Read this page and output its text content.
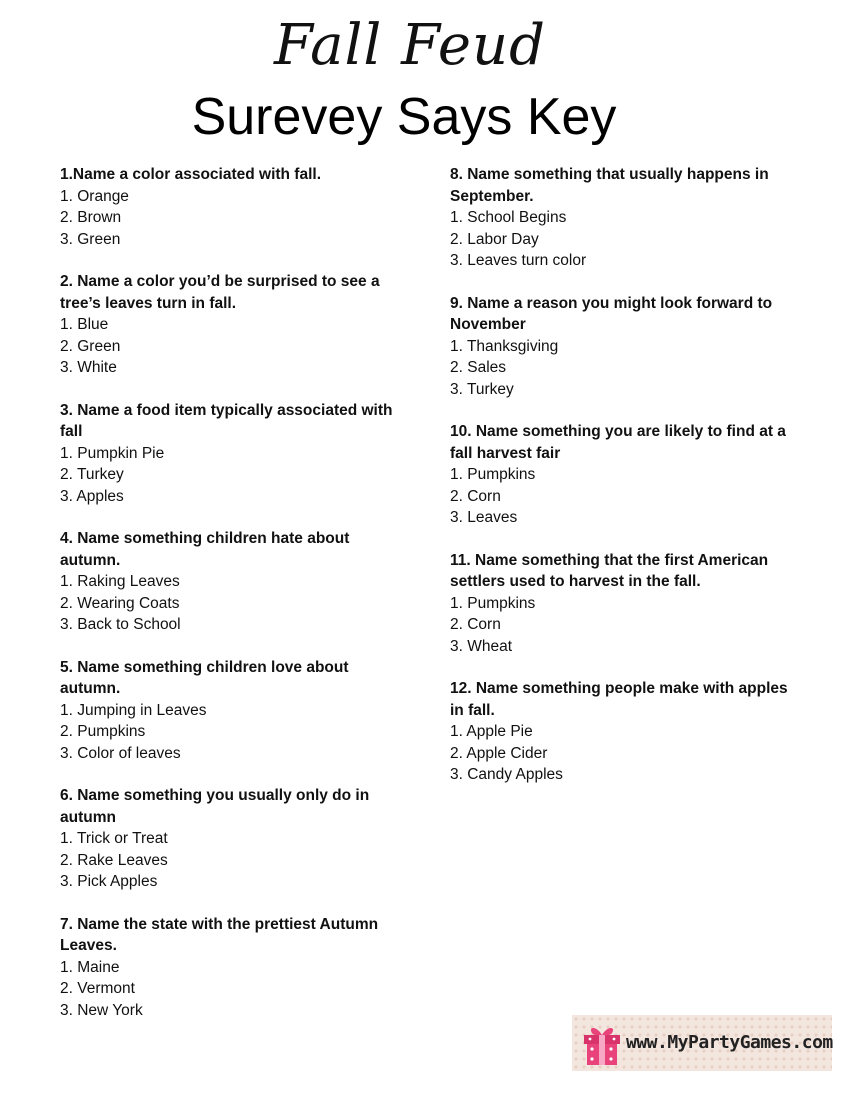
Fall Feud
Surevey Says Key
1.Name a color associated with fall.
1. Orange
2. Brown
3. Green
2. Name a color you’d be surprised to see a tree’s leaves turn in fall.
1. Blue
2. Green
3. White
3. Name a food item typically associated with fall
1. Pumpkin Pie
2. Turkey
3. Apples
4. Name something children hate about autumn.
1. Raking Leaves
2. Wearing Coats
3. Back to School
5. Name something children love about autumn.
1. Jumping in Leaves
2. Pumpkins
3. Color of leaves
6. Name something you usually only do in autumn
1. Trick or Treat
2. Rake Leaves
3. Pick Apples
7. Name the state with the prettiest Autumn Leaves.
1. Maine
2. Vermont
3. New York
8. Name something that usually happens in September.
1. School Begins
2. Labor Day
3. Leaves turn color
9. Name a reason you might look forward to November
1. Thanksgiving
2. Sales
3. Turkey
10. Name something you are likely to find at a fall harvest fair
1. Pumpkins
2. Corn
3. Leaves
11. Name something that the first American settlers used to harvest in the fall.
1. Pumpkins
2. Corn
3. Wheat
12. Name something people make with apples in fall.
1. Apple Pie
2. Apple Cider
3. Candy Apples
www.MyPartyGames.com
